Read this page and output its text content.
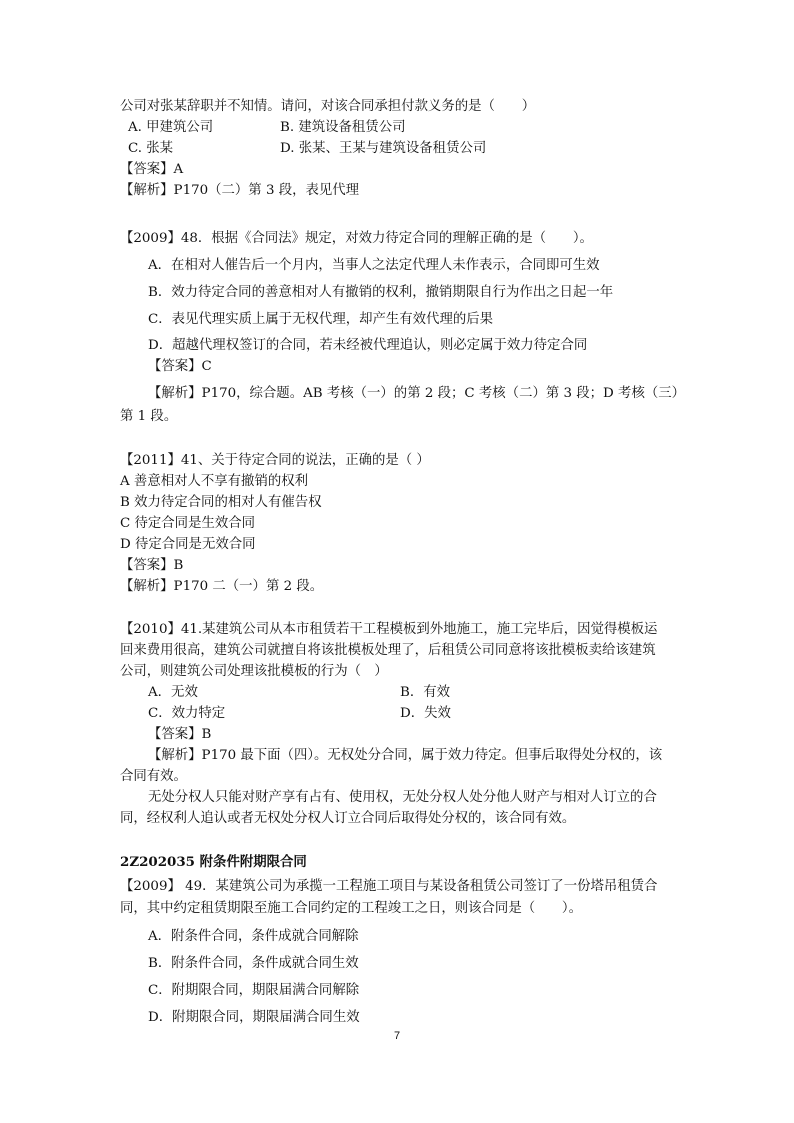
公司对张某辞职并不知情。请问，对该合同承担付款义务的是（　　）
A. 甲建筑公司	B. 建筑设备租赁公司
C. 张某	D. 张某、王某与建筑设备租赁公司
【答案】A
【解析】P170（二）第 3 段，表见代理
【2009】48．根据《合同法》规定，对效力待定合同的理解正确的是（　　）。
A．在相对人催告后一个月内，当事人之法定代理人未作表示，合同即可生效
B．效力待定合同的善意相对人有撤销的权利，撤销期限自行为作出之日起一年
C．表见代理实质上属于无权代理，却产生有效代理的后果
D．超越代理权签订的合同，若未经被代理追认，则必定属于效力待定合同
【答案】C
【解析】P170，综合题。AB 考核（一）的第 2 段；C 考核（二）第 3 段；D 考核（三）
第 1 段。
【2011】41、关于待定合同的说法，正确的是（ ）
A 善意相对人不享有撤销的权利
B 效力待定合同的相对人有催告权
C 待定合同是生效合同
D 待定合同是无效合同
【答案】B
【解析】P170 二（一）第 2 段。
【2010】41.某建筑公司从本市租赁若干工程模板到外地施工，施工完毕后，因觉得模板运
回来费用很高，建筑公司就擅自将该批模板处理了，后租赁公司同意将该批模板卖给该建筑
公司，则建筑公司处理该批模板的行为（　）
A．无效	B．有效
C．效力特定	D．失效
【答案】B
【解析】P170 最下面（四）。无权处分合同，属于效力待定。但事后取得处分权的，该
合同有效。
无处分权人只能对财产享有占有、使用权，无处分权人处分他人财产与相对人订立的合
同，经权利人追认或者无权处分权人订立合同后取得处分权的，该合同有效。
2Z202035 附条件附期限合同
【2009】 49．某建筑公司为承揽一工程施工项目与某设备租赁公司签订了一份塔吊租赁合
同，其中约定租赁期限至施工合同约定的工程竣工之日，则该合同是（　　）。
A．附条件合同，条件成就合同解除
B．附条件合同，条件成就合同生效
C．附期限合同，期限届满合同解除
D．附期限合同，期限届满合同生效
7
